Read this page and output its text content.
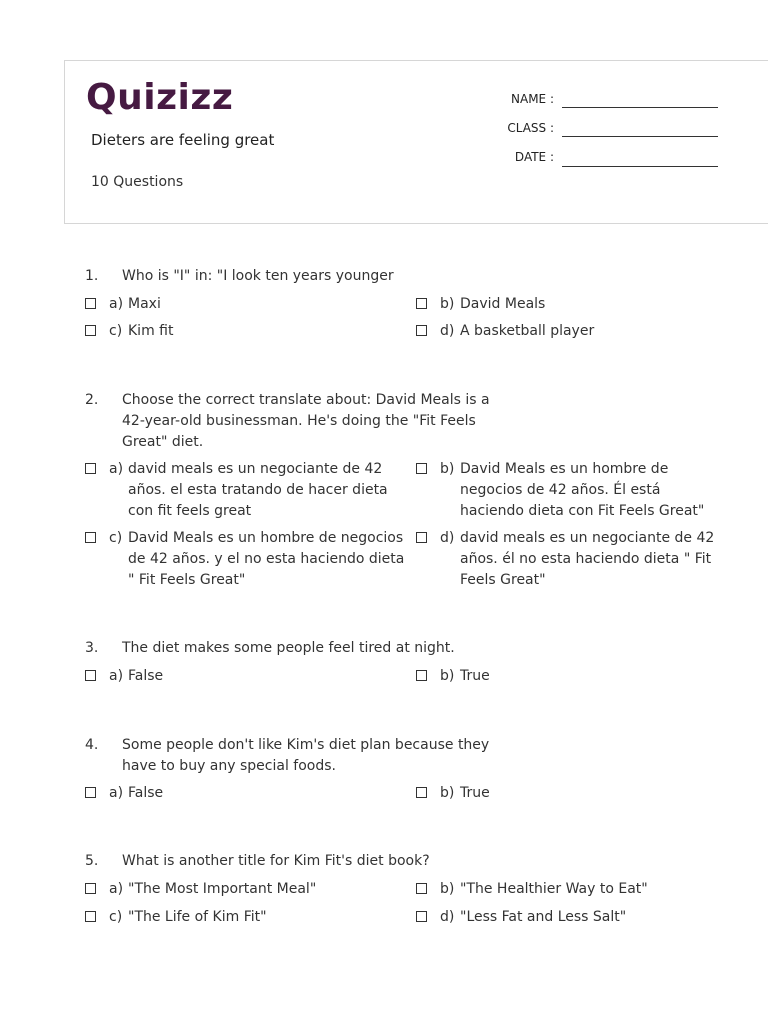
Quizizz
Dieters are feeling great
10 Questions
NAME :
CLASS :
DATE :
1. Who is "I" in: "I look ten years younger
a) Maxi	b) David Meals
c) Kim fit	d) A basketball player
2. Choose the correct translate about: David Meals is a 42-year-old businessman. He's doing the "Fit Feels Great" diet.
a) david meals es un negociante de 42 años. el esta tratando de hacer dieta con fit feels great
b) David Meals es un hombre de negocios de 42 años. Él está haciendo dieta con Fit Feels Great"
c) David Meals es un hombre de negocios de 42 años. y el no esta haciendo dieta " Fit Feels Great"
d) david meals es un negociante de 42 años. él no esta haciendo dieta " Fit Feels Great"
3. The diet makes some people feel tired at night.
a) False	b) True
4. Some people don't like Kim's diet plan because they have to buy any special foods.
a) False	b) True
5. What is another title for Kim Fit's diet book?
a) "The Most Important Meal"	b) "The Healthier Way to Eat"
c) "The Life of Kim Fit"	d) "Less Fat and Less Salt"
